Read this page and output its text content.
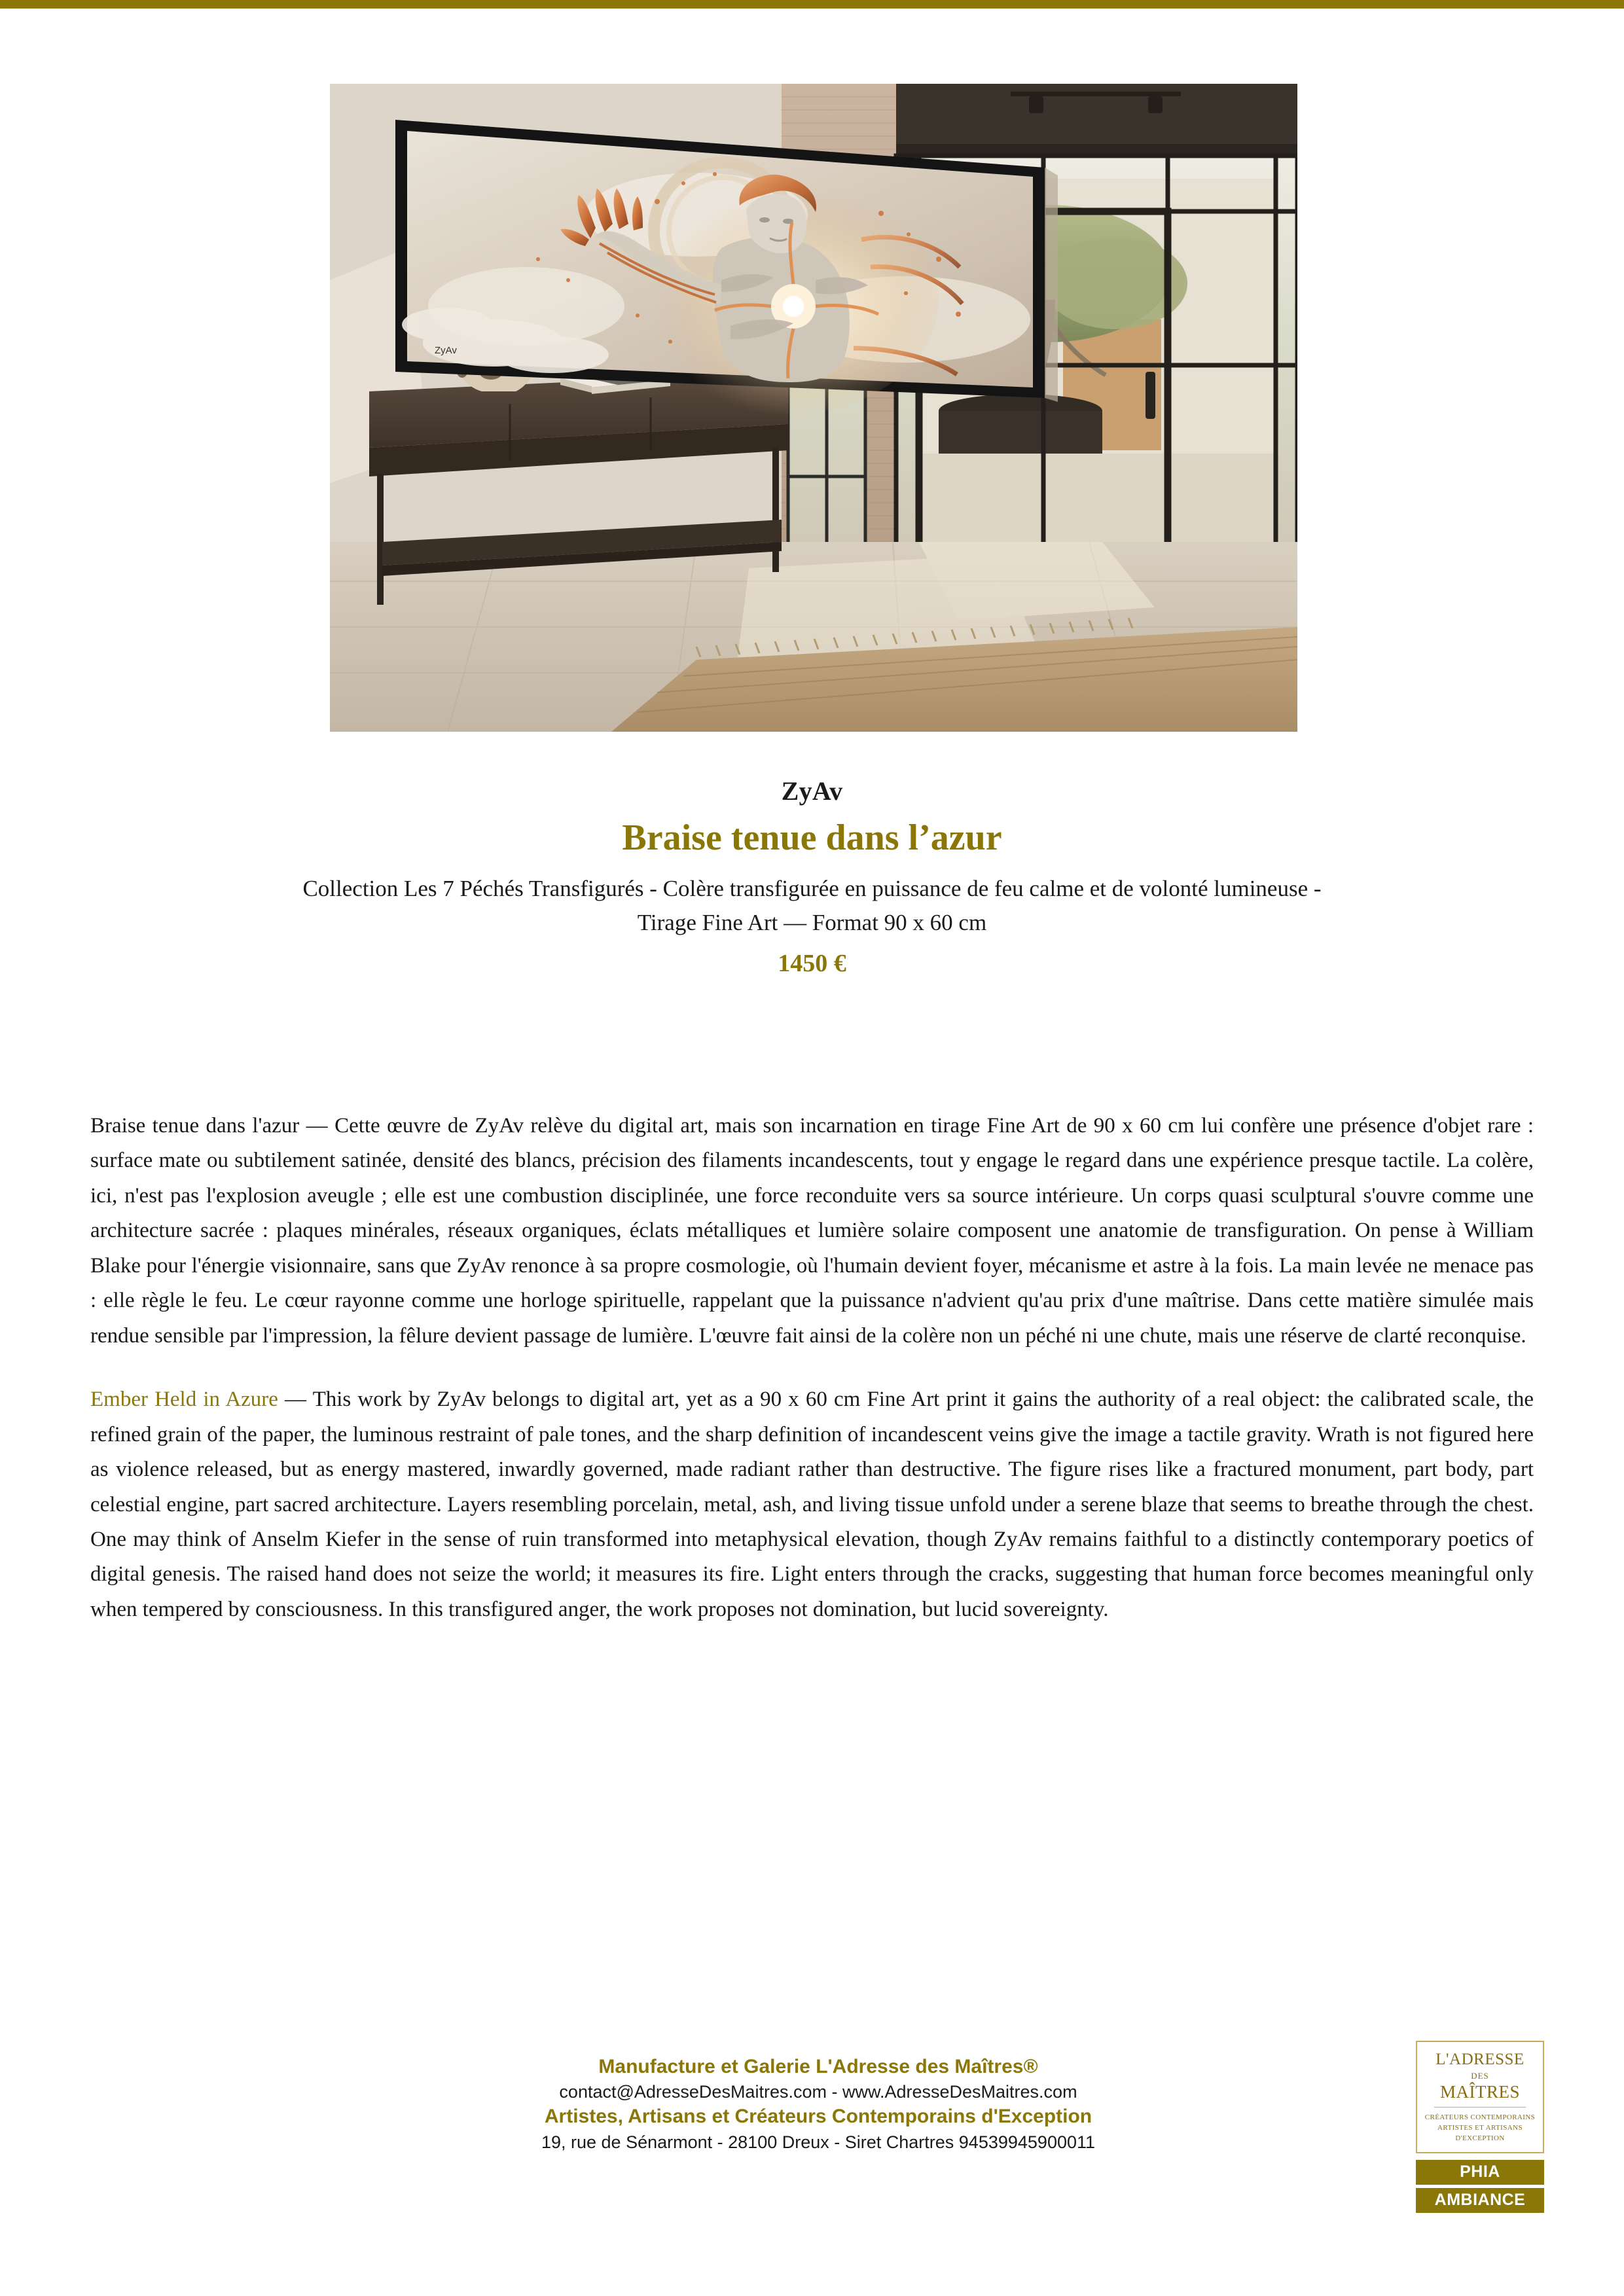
ZyAv
ZyAv
Braise tenue dans l’azur
Collection Les 7 Péchés Transfigurés - Colère transfigurée en puissance de feu calme et de volonté lumineuse -
Tirage Fine Art — Format 90 x 60 cm
1450 €

Braise tenue dans l'azur — Cette œuvre de ZyAv relève du digital art, mais son incarnation en tirage Fine Art de 90 x 60 cm lui confère une présence d'objet rare : surface mate ou subtilement satinée, densité des blancs, précision des filaments incandescents, tout y engage le regard dans une expérience presque tactile. La colère, ici, n'est pas l'explosion aveugle ; elle est une combustion disciplinée, une force reconduite vers sa source intérieure. Un corps quasi sculptural s'ouvre comme une architecture sacrée : plaques minérales, réseaux organiques, éclats métalliques et lumière solaire composent une anatomie de transfiguration. On pense à William Blake pour l'énergie visionnaire, sans que ZyAv renonce à sa propre cosmologie, où l'humain devient foyer, mécanisme et astre à la fois. La main levée ne menace pas : elle règle le feu. Le cœur rayonne comme une horloge spirituelle, rappelant que la puissance n'advient qu'au prix d'une maîtrise. Dans cette matière simulée mais rendue sensible par l'impression, la fêlure devient passage de lumière. L'œuvre fait ainsi de la colère non un péché ni une chute, mais une réserve de clarté reconquise.

Ember Held in Azure — This work by ZyAv belongs to digital art, yet as a 90 x 60 cm Fine Art print it gains the authority of a real object: the calibrated scale, the refined grain of the paper, the luminous restraint of pale tones, and the sharp definition of incandescent veins give the image a tactile gravity. Wrath is not figured here as violence released, but as energy mastered, inwardly governed, made radiant rather than destructive. The figure rises like a fractured monument, part body, part celestial engine, part sacred architecture. Layers resembling porcelain, metal, ash, and living tissue unfold under a serene blaze that seems to breathe through the chest. One may think of Anselm Kiefer in the sense of ruin transformed into metaphysical elevation, though ZyAv remains faithful to a distinctly contemporary poetics of digital genesis. The raised hand does not seize the world; it measures its fire. Light enters through the cracks, suggesting that human force becomes meaningful only when tempered by consciousness. In this transfigured anger, the work proposes not domination, but lucid sovereignty.

Manufacture et Galerie L'Adresse des Maîtres®

contact@AdresseDesMaitres.com - www.AdresseDesMaitres.com

Artistes, Artisans et Créateurs Contemporains d'Exception

19, rue de Sénarmont - 28100 Dreux - Siret Chartres 94539945900011

L'ADRESSE

DES

MAÎTRES

CRÉATEURS CONTEMPORAINS

ARTISTES ET ARTISANS

D'EXCEPTION

PHIA
AMBIANCE
